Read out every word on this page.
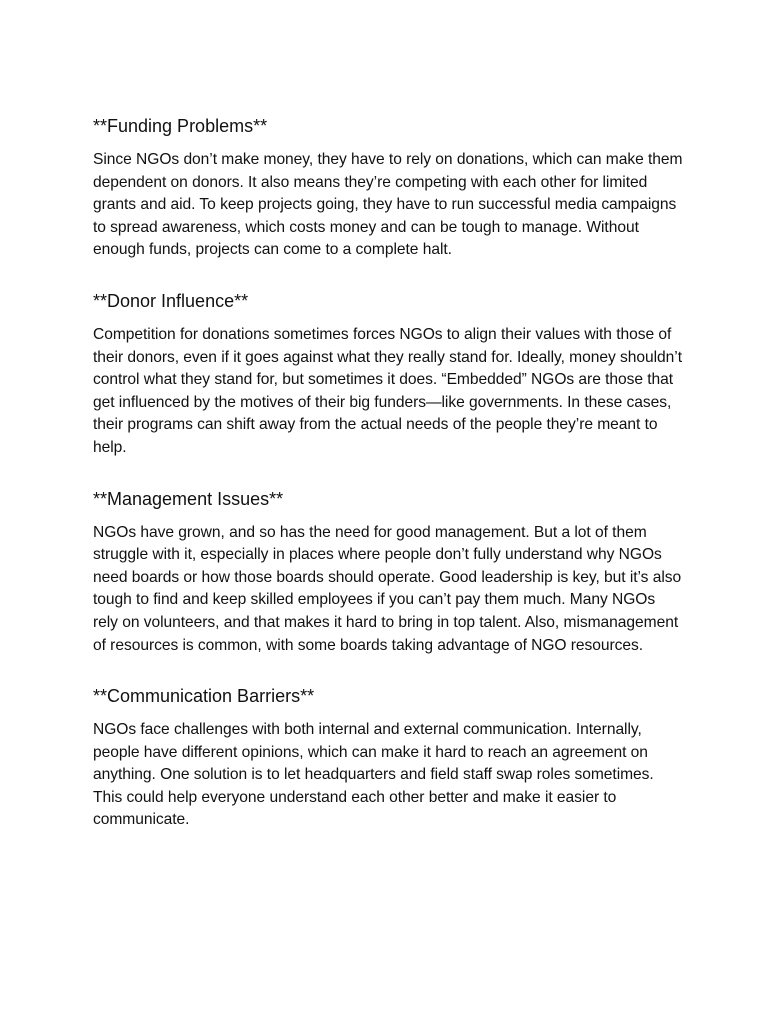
**Funding Problems**

Since NGOs don’t make money, they have to rely on donations, which can make them dependent on donors. It also means they’re competing with each other for limited grants and aid. To keep projects going, they have to run successful media campaigns to spread awareness, which costs money and can be tough to manage. Without enough funds, projects can come to a complete halt.

**Donor Influence**

Competition for donations sometimes forces NGOs to align their values with those of their donors, even if it goes against what they really stand for. Ideally, money shouldn’t control what they stand for, but sometimes it does. “Embedded” NGOs are those that get influenced by the motives of their big funders—like governments. In these cases, their programs can shift away from the actual needs of the people they’re meant to help.

**Management Issues**

NGOs have grown, and so has the need for good management. But a lot of them struggle with it, especially in places where people don’t fully understand why NGOs need boards or how those boards should operate. Good leadership is key, but it’s also tough to find and keep skilled employees if you can’t pay them much. Many NGOs rely on volunteers, and that makes it hard to bring in top talent. Also, mismanagement of resources is common, with some boards taking advantage of NGO resources.

**Communication Barriers**

NGOs face challenges with both internal and external communication. Internally, people have different opinions, which can make it hard to reach an agreement on anything. One solution is to let headquarters and field staff swap roles sometimes. This could help everyone understand each other better and make it easier to communicate.
